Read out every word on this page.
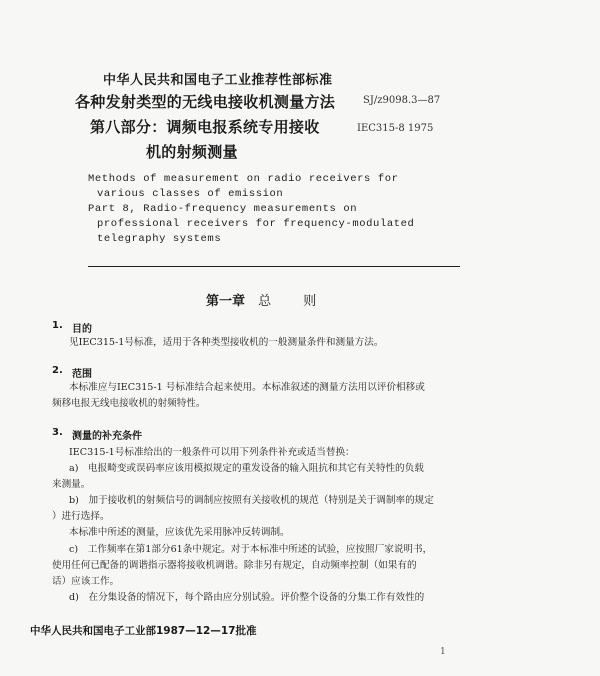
中华人民共和国电子工业推荐性部标准
各种发射类型的无线电接收机测量方法
第八部分：调频电报系统专用接收
机的射频测量
SJ/z9098.3—87
IEC315-8 1975
Methods of measurement on radio receivers for
various classes of emission
Part 8, Radio-frequency measurements on
professional receivers for frequency-modulated
telegraphy systems
第一章 总 则
1. 目的
见IEC315-1号标准，适用于各种类型接收机的一般测量条件和测量方法。
2. 范围
本标准应与IEC315-1 号标准结合起来使用。本标准叙述的测量方法用以评价相移或
频移电报无线电接收机的射频特性。
3. 测量的补充条件
IEC315-1号标准给出的一般条件可以用下列条件补充或适当替换：
a)　电报畸变或误码率应该用模拟规定的重发设备的输入阻抗和其它有关特性的负载
来测量。
b)　加于接收机的射频信号的调制应按照有关接收机的规范（特别是关于调制率的规定
）进行选择。
本标准中所述的测量，应该优先采用脉冲反转调制。
c)　工作频率在第1部分61条中规定。对于本标准中所述的试验，应按照厂家说明书，
使用任何已配备的调谐指示器将接收机调谐。除非另有规定，自动频率控制（如果有的
话）应该工作。
d)　在分集设备的情况下，每个路由应分别试验。评价整个设备的分集工作有效性的
中华人民共和国电子工业部1987—12—17批准
1
